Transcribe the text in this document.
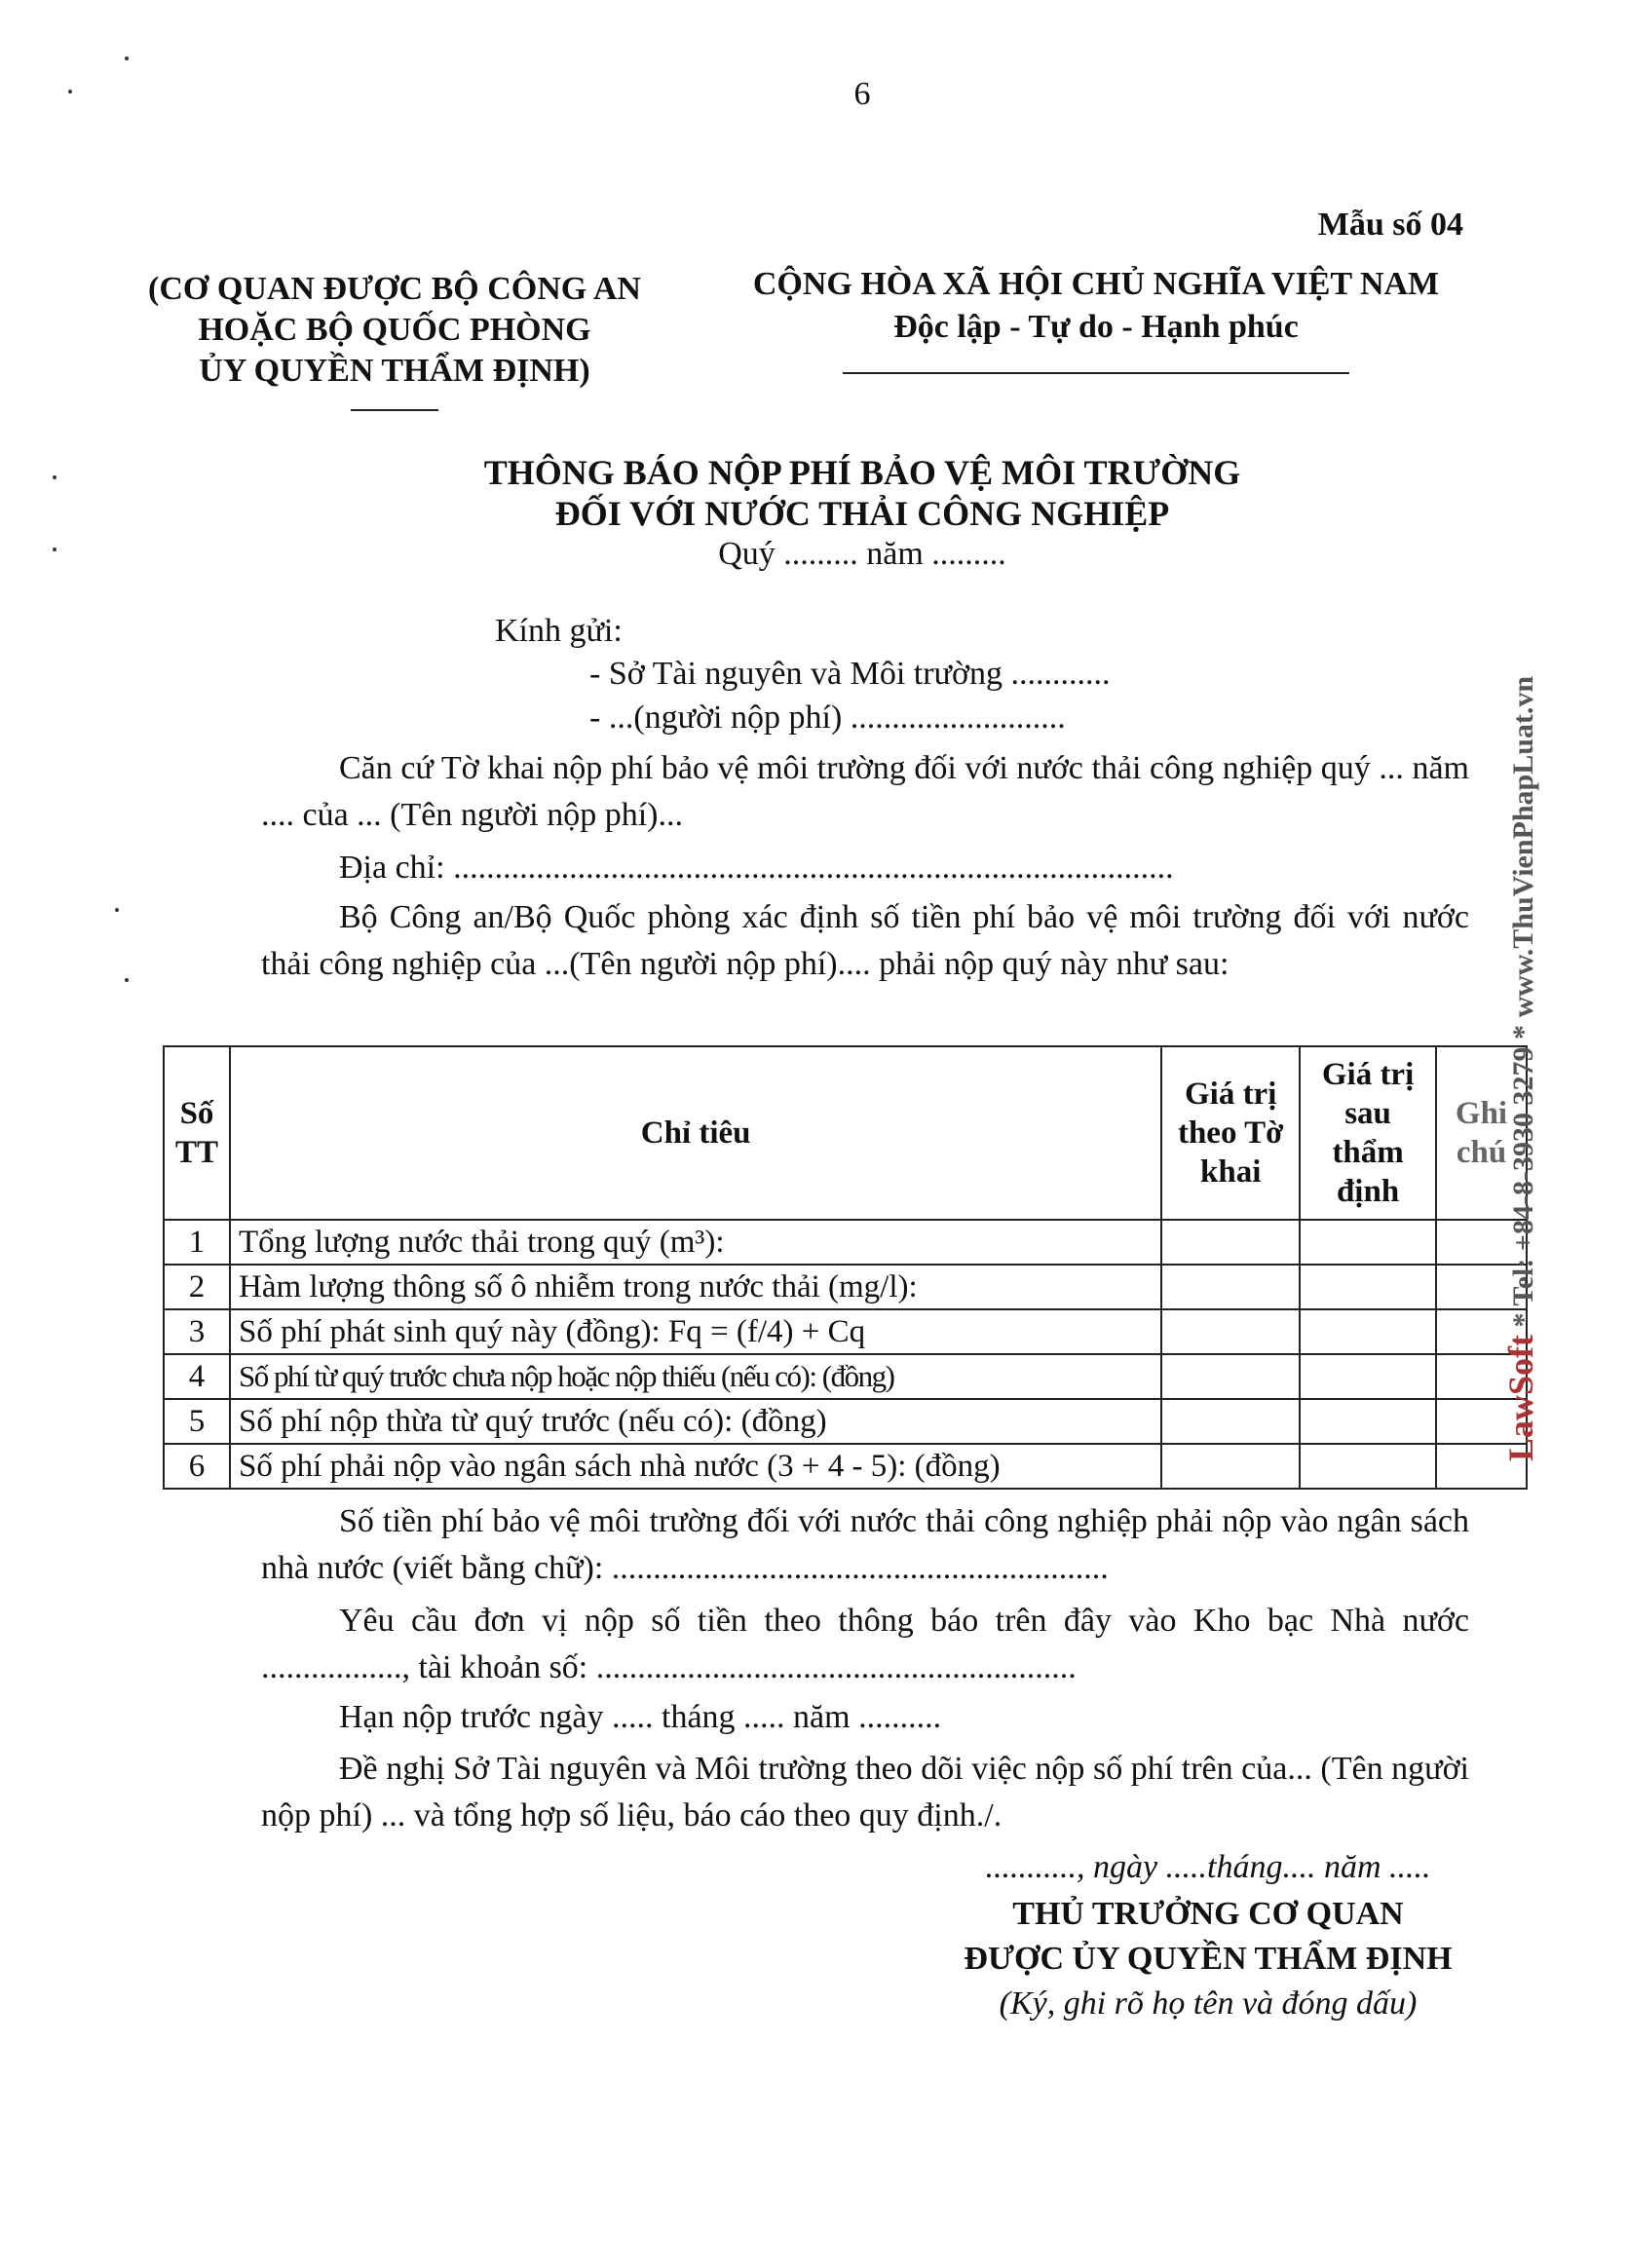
6
Mẫu số 04
(CƠ QUAN ĐƯỢC BỘ CÔNG AN
HOẶC BỘ QUỐC PHÒNG
ỦY QUYỀN THẨM ĐỊNH)
CỘNG HÒA XÃ HỘI CHỦ NGHĨA VIỆT NAM
Độc lập - Tự do - Hạnh phúc
THÔNG BÁO NỘP PHÍ BẢO VỆ MÔI TRƯỜNG
ĐỐI VỚI NƯỚC THẢI CÔNG NGHIỆP
Quý ......... năm .........
Kính gửi:
- Sở Tài nguyên và Môi trường ............
- ...(người nộp phí) ..........................
Căn cứ Tờ khai nộp phí bảo vệ môi trường đối với nước thải công nghiệp quý ... năm .... của ... (Tên người nộp phí)...
Địa chỉ: .......................................................................................
Bộ Công an/Bộ Quốc phòng xác định số tiền phí bảo vệ môi trường đối với nước thải công nghiệp của ...(Tên người nộp phí).... phải nộp quý này như sau:
Số TT	Chỉ tiêu	Giá trị theo Tờ khai	Giá trị sau thẩm định	Ghi chú
1	Tổng lượng nước thải trong quý (m³):			
2	Hàm lượng thông số ô nhiễm trong nước thải (mg/l):			
3	Số phí phát sinh quý này (đồng): Fq = (f/4) + Cq			
4	Số phí từ quý trước chưa nộp hoặc nộp thiếu (nếu có): (đồng)			
5	Số phí nộp thừa từ quý trước (nếu có): (đồng)			
6	Số phí phải nộp vào ngân sách nhà nước (3 + 4 - 5): (đồng)			
Số tiền phí bảo vệ môi trường đối với nước thải công nghiệp phải nộp vào ngân sách nhà nước (viết bằng chữ): ............................................................
Yêu cầu đơn vị nộp số tiền theo thông báo trên đây vào Kho bạc Nhà nước ................., tài khoản số: ..........................................................
Hạn nộp trước ngày ..... tháng ..... năm ..........
Đề nghị Sở Tài nguyên và Môi trường theo dõi việc nộp số phí trên của... (Tên người nộp phí) ... và tổng hợp số liệu, báo cáo theo quy định./.
..........., ngày .....tháng.... năm .....
THỦ TRƯỞNG CƠ QUAN
ĐƯỢC ỦY QUYỀN THẨM ĐỊNH
(Ký, ghi rõ họ tên và đóng dấu)
LawSoft * Tel: +84-8-3930 3279 * www.ThuVienPhapLuat.vn
